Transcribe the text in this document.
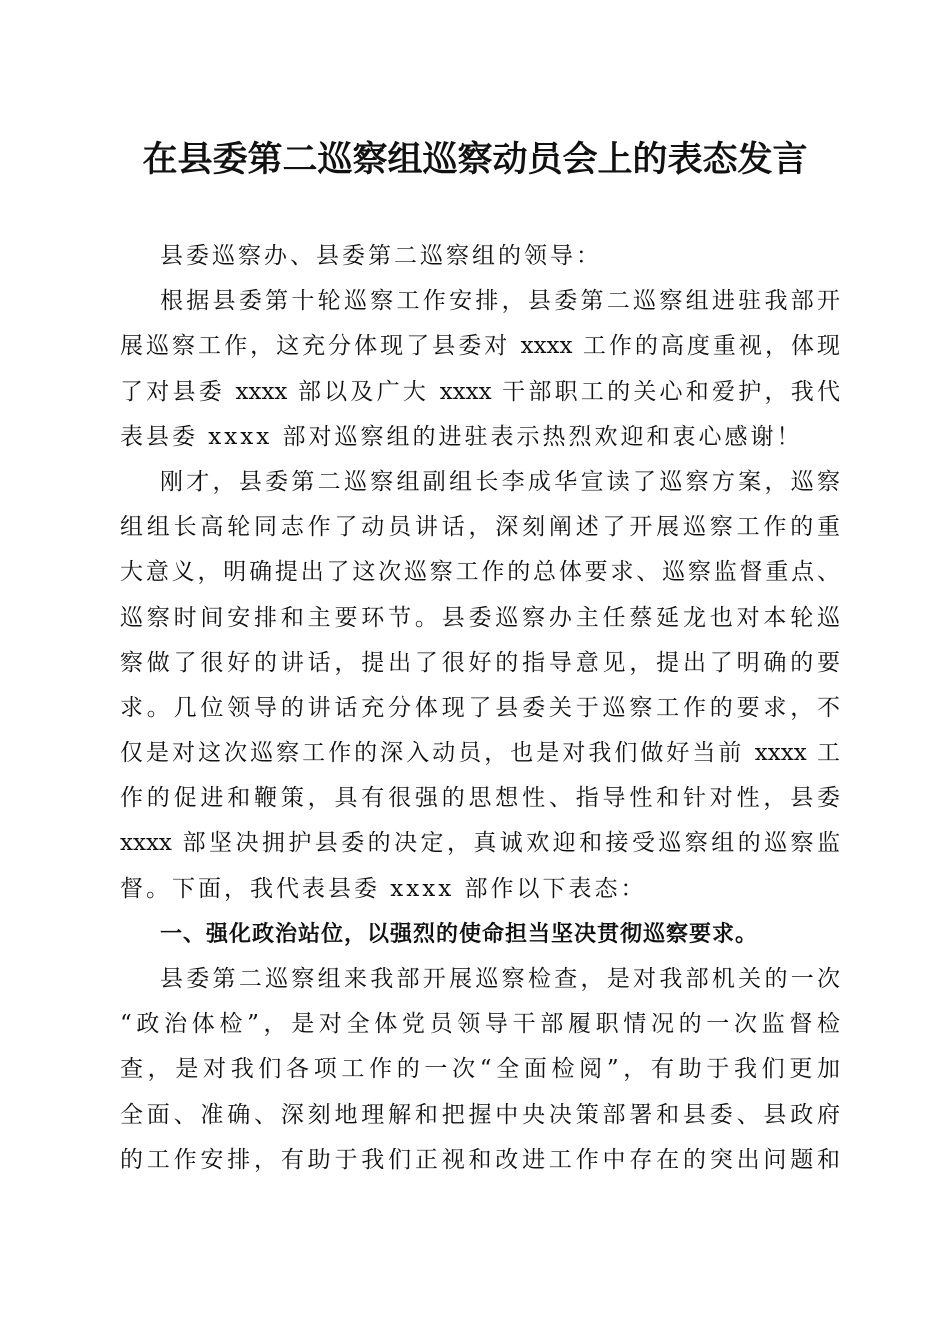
在县委第二巡察组巡察动员会上的表态发言
县委巡察办、县委第二巡察组的领导：
根据县委第十轮巡察工作安排，县委第二巡察组进驻我部开
展巡察工作，这充分体现了县委对 xxxx 工作的高度重视，体现
了对县委 xxxx 部以及广大 xxxx 干部职工的关心和爱护，我代
表县委 xxxx 部对巡察组的进驻表示热烈欢迎和衷心感谢！
刚才，县委第二巡察组副组长李成华宣读了巡察方案，巡察
组组长高轮同志作了动员讲话，深刻阐述了开展巡察工作的重
大意义，明确提出了这次巡察工作的总体要求、巡察监督重点、
巡察时间安排和主要环节。县委巡察办主任蔡延龙也对本轮巡
察做了很好的讲话，提出了很好的指导意见，提出了明确的要
求。几位领导的讲话充分体现了县委关于巡察工作的要求，不
仅是对这次巡察工作的深入动员，也是对我们做好当前 xxxx 工
作的促进和鞭策，具有很强的思想性、指导性和针对性，县委
xxxx 部坚决拥护县委的决定，真诚欢迎和接受巡察组的巡察监
督。下面，我代表县委 xxxx 部作以下表态：
一、强化政治站位，以强烈的使命担当坚决贯彻巡察要求。
县委第二巡察组来我部开展巡察检查，是对我部机关的一次
“政治体检”，是对全体党员领导干部履职情况的一次监督检
查，是对我们各项工作的一次“全面检阅”，有助于我们更加
全面、准确、深刻地理解和把握中央决策部署和县委、县政府
的工作安排，有助于我们正视和改进工作中存在的突出问题和
